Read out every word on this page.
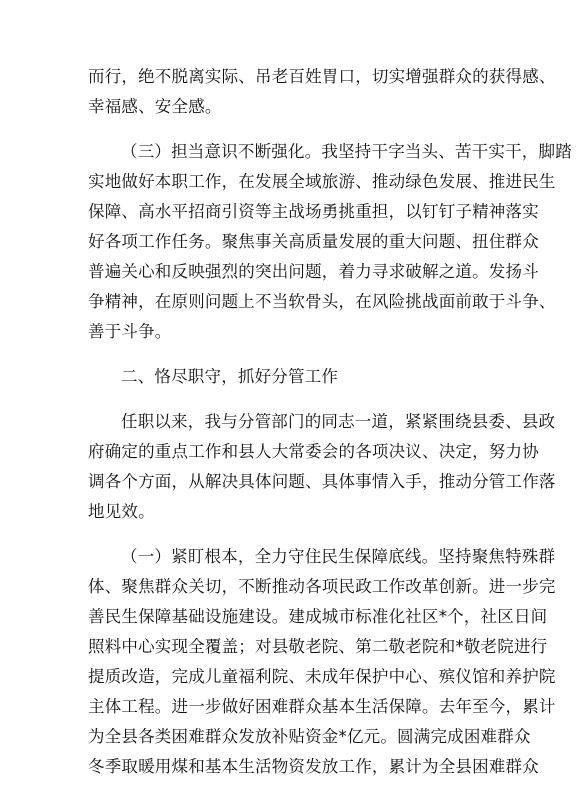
而行，绝不脱离实际、吊老百姓胃口，切实增强群众的获得感、
幸福感、安全感。
（三）担当意识不断强化。我坚持干字当头、苦干实干，脚踏
实地做好本职工作，在发展全域旅游、推动绿色发展、推进民生
保障、高水平招商引资等主战场勇挑重担，以钉钉子精神落实
好各项工作任务。聚焦事关高质量发展的重大问题、扭住群众
普遍关心和反映强烈的突出问题，着力寻求破解之道。发扬斗
争精神，在原则问题上不当软骨头，在风险挑战面前敢于斗争、
善于斗争。
二、恪尽职守，抓好分管工作
任职以来，我与分管部门的同志一道，紧紧围绕县委、县政
府确定的重点工作和县人大常委会的各项决议、决定，努力协
调各个方面，从解决具体问题、具体事情入手，推动分管工作落
地见效。
（一）紧盯根本，全力守住民生保障底线。坚持聚焦特殊群
体、聚焦群众关切，不断推动各项民政工作改革创新。进一步完
善民生保障基础设施建设。建成城市标准化社区*个，社区日间
照料中心实现全覆盖；对县敬老院、第二敬老院和*敬老院进行
提质改造，完成儿童福利院、未成年保护中心、殡仪馆和养护院
主体工程。进一步做好困难群众基本生活保障。去年至今，累计
为全县各类困难群众发放补贴资金*亿元。圆满完成困难群众
冬季取暖用煤和基本生活物资发放工作，累计为全县困难群众
